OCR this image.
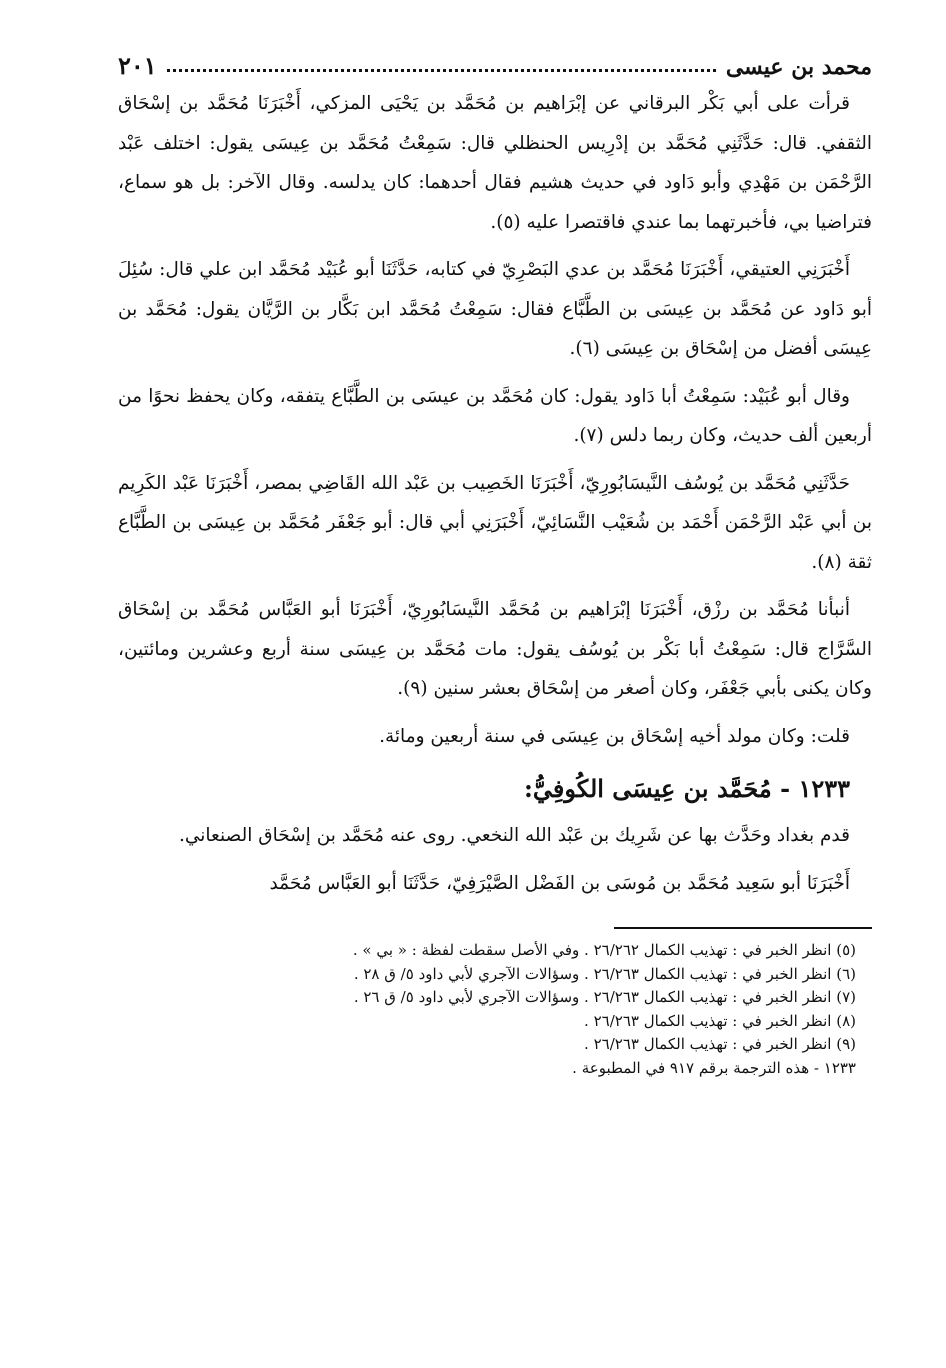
محمد بن عيسى
٢٠١

قرأت على أبي بَكْر البرقاني عن إبْرَاهيم بن مُحَمَّد بن يَحْيَى المزكي، أَخْبَرَنَا مُحَمَّد بن إسْحَاق الثقفي. قال: حَدَّثَنِي مُحَمَّد بن إدْرِيس الحنظلي قال: سَمِعْتُ مُحَمَّد بن عِيسَى يقول: اختلف عَبْد الرَّحْمَن بن مَهْدِي وأبو دَاود في حديث هشيم فقال أحدهما: كان يدلسه. وقال الآخر: بل هو سماع، فتراضيا بي، فأخبرتهما بما عندي فاقتصرا عليه (٥).

أَخْبَرَنِي العتيقي، أَخْبَرَنَا مُحَمَّد بن عدي البَصْرِيّ في كتابه، حَدَّثَنَا أبو عُبَيْد مُحَمَّد ابن علي قال: سُئِلَ أبو دَاود عن مُحَمَّد بن عِيسَى بن الطَّبَّاع فقال: سَمِعْتُ مُحَمَّد ابن بَكَّار بن الرَّيَّان يقول: مُحَمَّد بن عِيسَى أفضل من إسْحَاق بن عِيسَى (٦).

وقال أبو عُبَيْد: سَمِعْتُ أبا دَاود يقول: كان مُحَمَّد بن عيسَى بن الطَّبَّاع يتفقه، وكان يحفظ نحوًا من أربعين ألف حديث، وكان ربما دلس (٧).

حَدَّثَنِي مُحَمَّد بن يُوسُف النَّيسَابُورِيّ، أَخْبَرَنَا الخَصِيب بن عَبْد الله القَاضِي بمصر، أَخْبَرَنَا عَبْد الكَرِيم بن أبي عَبْد الرَّحْمَن أَحْمَد بن شُعَيْب النَّسَائِيّ، أَخْبَرَنِي أبي قال: أبو جَعْفَر مُحَمَّد بن عِيسَى بن الطَّبَّاع ثقة (٨).

أنبأنا مُحَمَّد بن رزْق، أَخْبَرَنَا إبْرَاهيم بن مُحَمَّد النَّيسَابُورِيّ، أَخْبَرَنَا أبو العَبَّاس مُحَمَّد بن إسْحَاق السَّرَّاج قال: سَمِعْتُ أبا بَكْر بن يُوسُف يقول: مات مُحَمَّد بن عِيسَى سنة أربع وعشرين ومائتين، وكان يكنى بأبي جَعْفَر، وكان أصغر من إسْحَاق بعشر سنين (٩).

قلت: وكان مولد أخيه إسْحَاق بن عِيسَى في سنة أربعين ومائة.

١٢٣٣ - مُحَمَّد بن عِيسَى الكُوفِيُّ:

قدم بغداد وحَدَّث بها عن شَرِيك بن عَبْد الله النخعي. روى عنه مُحَمَّد بن إسْحَاق الصنعاني.

أَخْبَرَنَا أبو سَعِيد مُحَمَّد بن مُوسَى بن الفَضْل الصَّيْرَفِيّ، حَدَّثَنَا أبو العَبَّاس مُحَمَّد

(٥) انظر الخبر في : تهذيب الكمال ٢٦/٢٦٢ . وفي الأصل سقطت لفظة : « بي » .

(٦) انظر الخبر في : تهذيب الكمال ٢٦/٢٦٣ . وسؤالات الآجري لأبي داود ٥/ ق ٢٨ .

(٧) انظر الخبر في : تهذيب الكمال ٢٦/٢٦٣ . وسؤالات الآجري لأبي داود ٥/ ق ٢٦ .

(٨) انظر الخبر في : تهذيب الكمال ٢٦/٢٦٣ .

(٩) انظر الخبر في : تهذيب الكمال ٢٦/٢٦٣ .

١٢٣٣ - هذه الترجمة برقم ٩١٧ في المطبوعة .
